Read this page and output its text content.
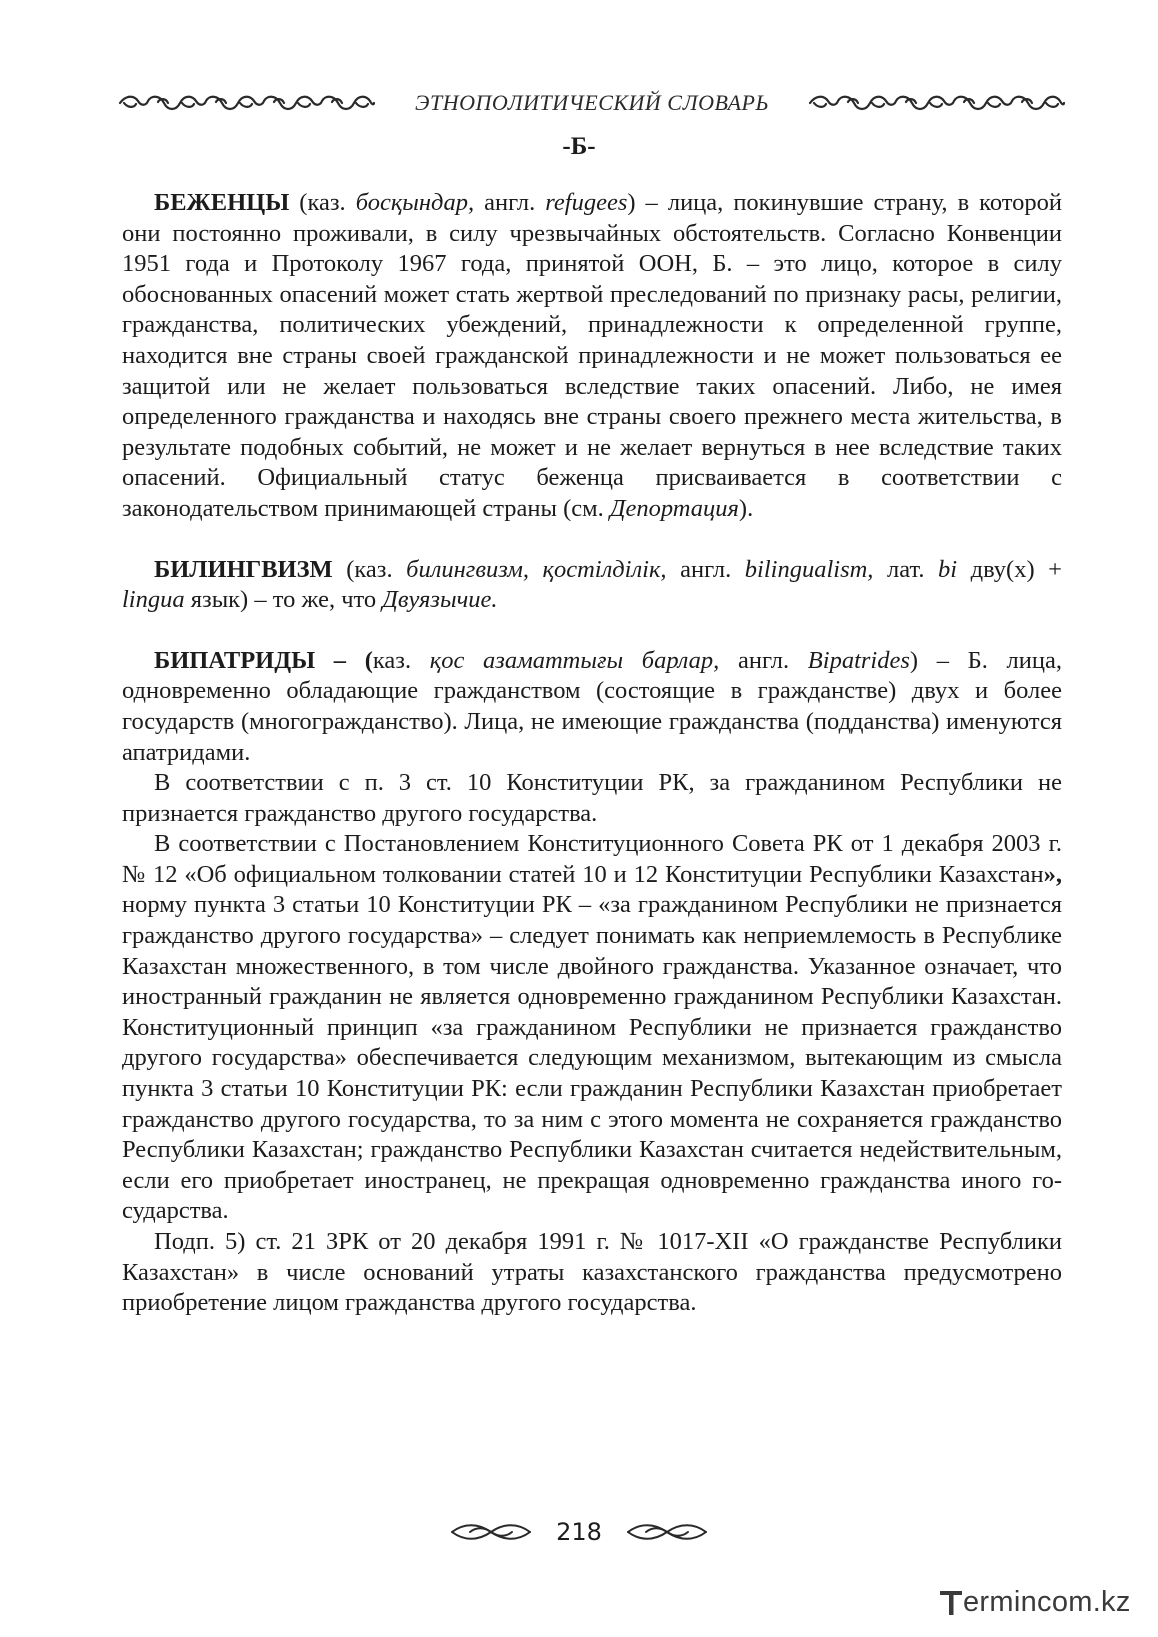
ЭТНОПОЛИТИЧЕСКИЙ СЛОВАРЬ
-Б-

БЕЖЕНЦЫ (каз. босқындар, англ. refugees) – лица, покинувшие страну, в которой они постоянно проживали, в силу чрезвычайных обстоятельств. Согласно Конвенции 1951 года и Протоколу 1967 года, принятой ООН, Б. – это лицо, которое в силу обоснованных опасений может стать жертвой преследований по признаку расы, религии, гражданства, политических убеждений, принадлежности к определенной группе, находится вне страны своей гражданской принадлежности и не может пользоваться ее защитой или не желает пользоваться вследствие таких опасений. Либо, не имея определенного гражданства и находясь вне страны своего прежнего места жительства, в результате подобных событий, не может и не желает вернуться в нее вследствие таких опасений. Официальный статус беженца присваивается в соответствии с законодательством принимающей страны (см. Депортация).

БИЛИНГВИЗМ (каз. билингвизм, қостілділік, англ. bilingualism, лат. bi дву(х) + lingua язык) – то же, что Двуязычие.

БИПАТРИДЫ – (каз. қос азаматтығы барлар, англ. Bipatrides) – Б. лица, одновременно обладающие гражданством (состоящие в гражданстве) двух и более государств (многогражданство). Лица, не имеющие гражданства (подданства) именуются апатридами.

В соответствии с п. 3 ст. 10 Конституции РК, за гражданином Республики не признается гражданство другого государства.

В соответствии с Постановлением Конституционного Совета РК от 1 декабря 2003 г. № 12 «Об официальном толковании статей 10 и 12 Конституции Республики Казахстан», норму пункта 3 статьи 10 Конституции РК – «за гражданином Республики не признается гражданство другого государства» – следует понимать как неприемлемость в Республике Казахстан множественного, в том числе двойного гражданства. Указанное означает, что иностранный гражданин не является одновременно гражданином Республики Казахстан. Конституционный принцип «за гражданином Республики не признается гражданство другого государства» обеспечивается следующим механизмом, вытекающим из смысла пункта 3 статьи 10 Конституции РК: если гражданин Республики Казахстан приобретает гражданство другого государства, то за ним с этого момента не сохраняется гражданство Республики Казахстан; гражданство Республики Казахстан считается недействительным, если его приобретает иностранец, не прекращая одновременно гражданства иного государства.

Подп. 5) ст. 21 ЗРК от 20 декабря 1991 г. № 1017-XII «О гражданстве Республики Казахстан» в числе оснований утраты казахстанского гражданства предусмотрено приобретение лицом гражданства другого государства.

218
ermincom.kz
